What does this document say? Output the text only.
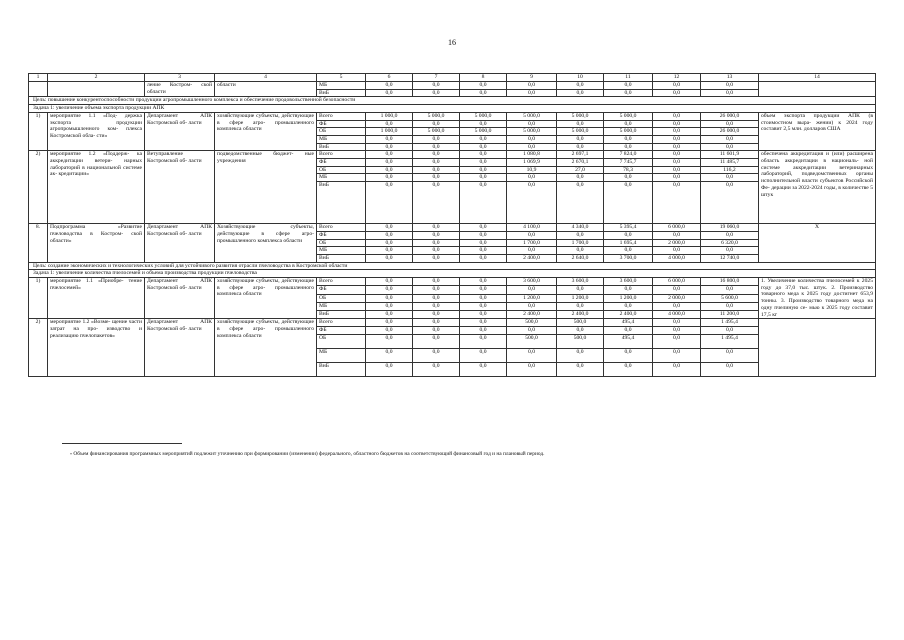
16
1	2	3	4	5	6	7	8	9	10	11	12	13	14
		ление Костром- ской области	области	МБ	0,0	0,0	0,0	0,0	0,0	0,0	0,0	0,0	
				ВнБ	0,0	0,0	0,0	0,0	0,0	0,0	0,0	0,0	
Цель: повышение конкурентоспособности продукции агропромышленного комплекса и обеспечение продовольственной безопасности													
Задача 1: увеличение объема экспорта продукции АПК													
1)	мероприятие 1.1 «Под- держка экспорта продукции агропромышленного ком- плекса Костромской обла- сти»	Департамент АПК Костромской об- ласти	хозяйствующие субъекты, действующие в сфере агро- промышленного комплекса области	Всего	1 000,0	5 000,0	5 000,0	5 000,0	5 000,0	5 000,0	0,0	26 000,0	объем экспорта продукции АПК (в стоимостном выра- жении) к 2024 году составит 2,5 млн. долларов США
				ФБ	0,0	0,0	0,0	0,0	0,0	0,0	0,0	0,0	
				ОБ	1 000,0	5 000,0	5 000,0	5 000,0	5 000,0	5 000,0	0,0	26 000,0	
				МБ	0,0	0,0	0,0	0,0	0,0	0,0	0,0	0,0	
				ВнБ	0,0	0,0	0,0	0,0	0,0	0,0	0,0	0,0	
2)	мероприятие 1.2 «Поддерж- ка аккредитации ветери- нарных лабораторий в национальной системе ак- кредитации»	Ветуправление Костромской об- ласти	подведомственные бюджет- ные учреждения	Всего	0,0	0,0	0,0	1 080,8	2 697,1	7 824,0	0,0	11 601,9	обеспечена аккредитация и (или) расширена область аккредитации в националь- ной системе аккредитации ветеринарных лабораторий, подведомственных органы исполнительной власти субъектов Российской Фе- дерации за 2022-2024 годы, в количестве 5 штук
				ФБ	0,0	0,0	0,0	1 069,9	2 670,1	7 745,7	0,0	11 485,7	
				ОБ	0,0	0,0	0,0	10,9	27,0	78,3	0,0	116,2	
				МБ	0,0	0,0	0,0	0,0	0,0	0,0	0,0	0,0	
				ВнБ	0,0	0,0	0,0	0,0	0,0	0,0	0,0	0,0	
8.	Подпрограмма «Развитие пчеловодства в Костром- ской области»	Департамент АПК Костромской об- ласти	Хозяйствующие субъекты, действующие в сфере агро- промышленного комплекса области	Всего	0,0	0,0	0,0	4 100,0	4 340,0	5 395,4	6 000,0	19 060,0	Х
				ФБ	0,0	0,0	0,0	0,0	0,0	0,0	0,0	0,0	
				ОБ	0,0	0,0	0,0	1 700,0	1 700,0	1 695,4	2 000,0	6 320,0	
				МБ	0,0	0,0	0,0	0,0	0,0	0,0	0,0	0,0	
				ВнБ	0,0	0,0	0,0	2 400,0	2 640,0	3 700,0	4 000,0	12 740,0	
Цель: создание экономических и технологических условий для устойчивого развития отрасли пчеловодства в Костромской области													
Задача 1: увеличение количества пчелосемей и объема производства продукции пчеловодства													
1)	мероприятие 1.1 «Приобре- тение пчелосемей»	Департамент АПК Костромской об- ласти	хозяйствующие субъекты, действующие в сфере агро- промышленного комплекса области	Всего	0,0	0,0	0,0	3 600,0	3 600,0	3 600,0	6 000,0	16 800,0	1. Увеличение количества пчелосемей к 2025 году до 37,0 тыс. штук. 2. Производство товарного меда к 2025 году достигнет 653,9 тонны. 3. Производство товарного меда на одну пчелиную се- мью к 2025 году составит 17,5 кг
				ФБ	0,0	0,0	0,0	0,0	0,0	0,0	0,0	0,0	
				ОБ	0,0	0,0	0,0	1 200,0	1 200,0	1 200,0	2 000,0	5 600,0	
				МБ	0,0	0,0	0,0	0,0	0,0	0,0	0,0	0,0	
				ВнБ	0,0	0,0	0,0	2 400,0	2 400,0	2 400,0	4 000,0	11 200,0	
2)	мероприятие 1.2 «Возме- щение части затрат на про- изводство и реализацию пчелопакетов»	Департамент АПК Костромской об- ласти	хозяйствующие субъекты, действующие в сфере агро- промышленного комплекса области	Всего	0,0	0,0	0,0	500,0	500,0	495,4	0,0	1 495,4	
				ФБ	0,0	0,0	0,0	0,0	0,0	0,0	0,0	0,0	
				ОБ	0,0	0,0	0,0	500,0	500,0	495,4	0,0	1 495,4	
				МБ	0,0	0,0	0,0	0,0	0,0	0,0	0,0	0,0	
				ВнБ	0,0	0,0	0,0	0,0	0,0	0,0	0,0	0,0	
* Объем финансирования программных мероприятий подлежит уточнению при формировании (изменении) федерального, областного бюджетов на соответствующий финансовый год и на плановый период.
